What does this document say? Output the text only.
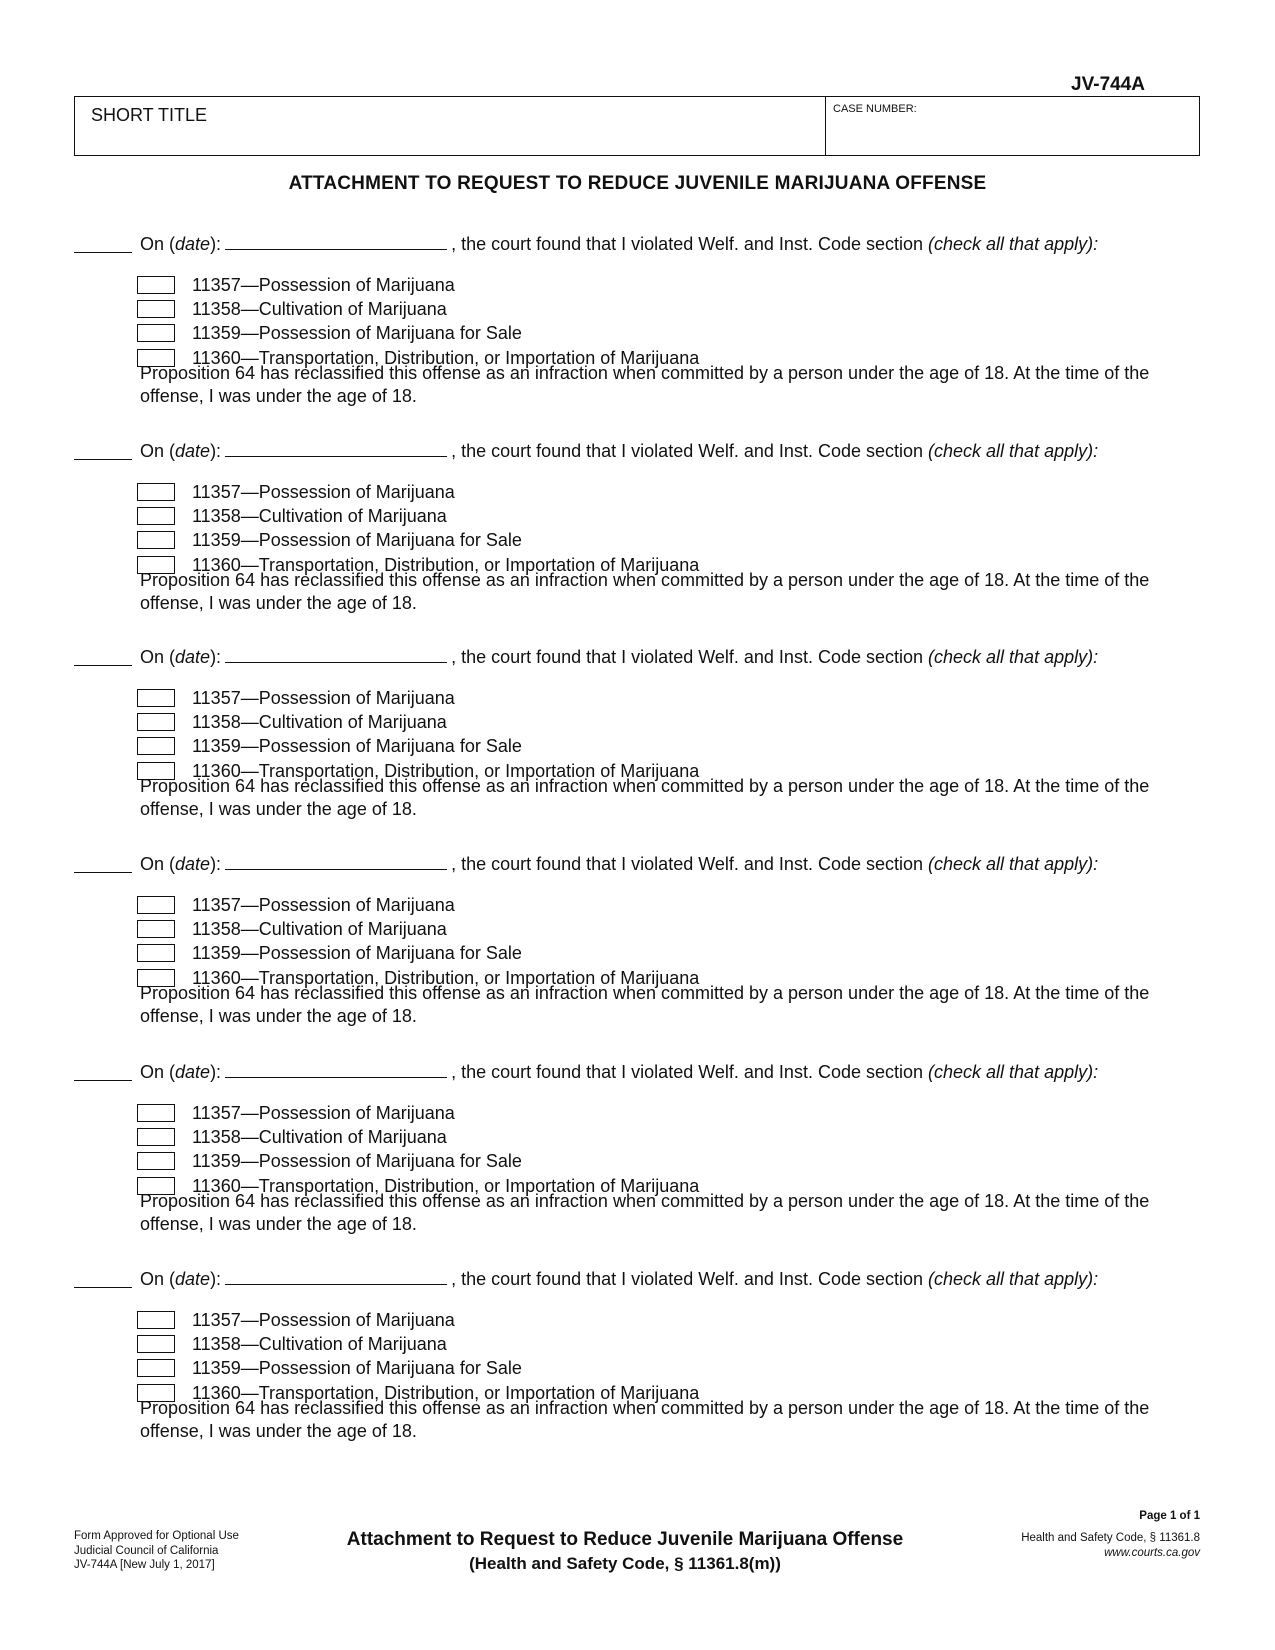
JV-744A
SHORT TITLE	CASE NUMBER:
ATTACHMENT TO REQUEST TO REDUCE JUVENILE MARIJUANA OFFENSE
On (date):	, the court found that I violated Welf. and Inst. Code section (check all that apply):
11357—Possession of Marijuana
11358—Cultivation of Marijuana
11359—Possession of Marijuana for Sale
11360—Transportation, Distribution, or Importation of Marijuana
Proposition 64 has reclassified this offense as an infraction when committed by a person under the age of 18. At the time of the offense, I was under the age of 18.
On (date):	, the court found that I violated Welf. and Inst. Code section (check all that apply):
11357—Possession of Marijuana
11358—Cultivation of Marijuana
11359—Possession of Marijuana for Sale
11360—Transportation, Distribution, or Importation of Marijuana
Proposition 64 has reclassified this offense as an infraction when committed by a person under the age of 18. At the time of the offense, I was under the age of 18.
On (date):	, the court found that I violated Welf. and Inst. Code section (check all that apply):
11357—Possession of Marijuana
11358—Cultivation of Marijuana
11359—Possession of Marijuana for Sale
11360—Transportation, Distribution, or Importation of Marijuana
Proposition 64 has reclassified this offense as an infraction when committed by a person under the age of 18. At the time of the offense, I was under the age of 18.
On (date):	, the court found that I violated Welf. and Inst. Code section (check all that apply):
11357—Possession of Marijuana
11358—Cultivation of Marijuana
11359—Possession of Marijuana for Sale
11360—Transportation, Distribution, or Importation of Marijuana
Proposition 64 has reclassified this offense as an infraction when committed by a person under the age of 18. At the time of the offense, I was under the age of 18.
On (date):	, the court found that I violated Welf. and Inst. Code section (check all that apply):
11357—Possession of Marijuana
11358—Cultivation of Marijuana
11359—Possession of Marijuana for Sale
11360—Transportation, Distribution, or Importation of Marijuana
Proposition 64 has reclassified this offense as an infraction when committed by a person under the age of 18. At the time of the offense, I was under the age of 18.
On (date):	, the court found that I violated Welf. and Inst. Code section (check all that apply):
11357—Possession of Marijuana
11358—Cultivation of Marijuana
11359—Possession of Marijuana for Sale
11360—Transportation, Distribution, or Importation of Marijuana
Proposition 64 has reclassified this offense as an infraction when committed by a person under the age of 18. At the time of the offense, I was under the age of 18.
Page 1 of 1
Form Approved for Optional Use
Judicial Council of California
JV-744A [New July 1, 2017]
Attachment to Request to Reduce Juvenile Marijuana Offense
(Health and Safety Code, § 11361.8(m))
Health and Safety Code, § 11361.8
www.courts.ca.gov
